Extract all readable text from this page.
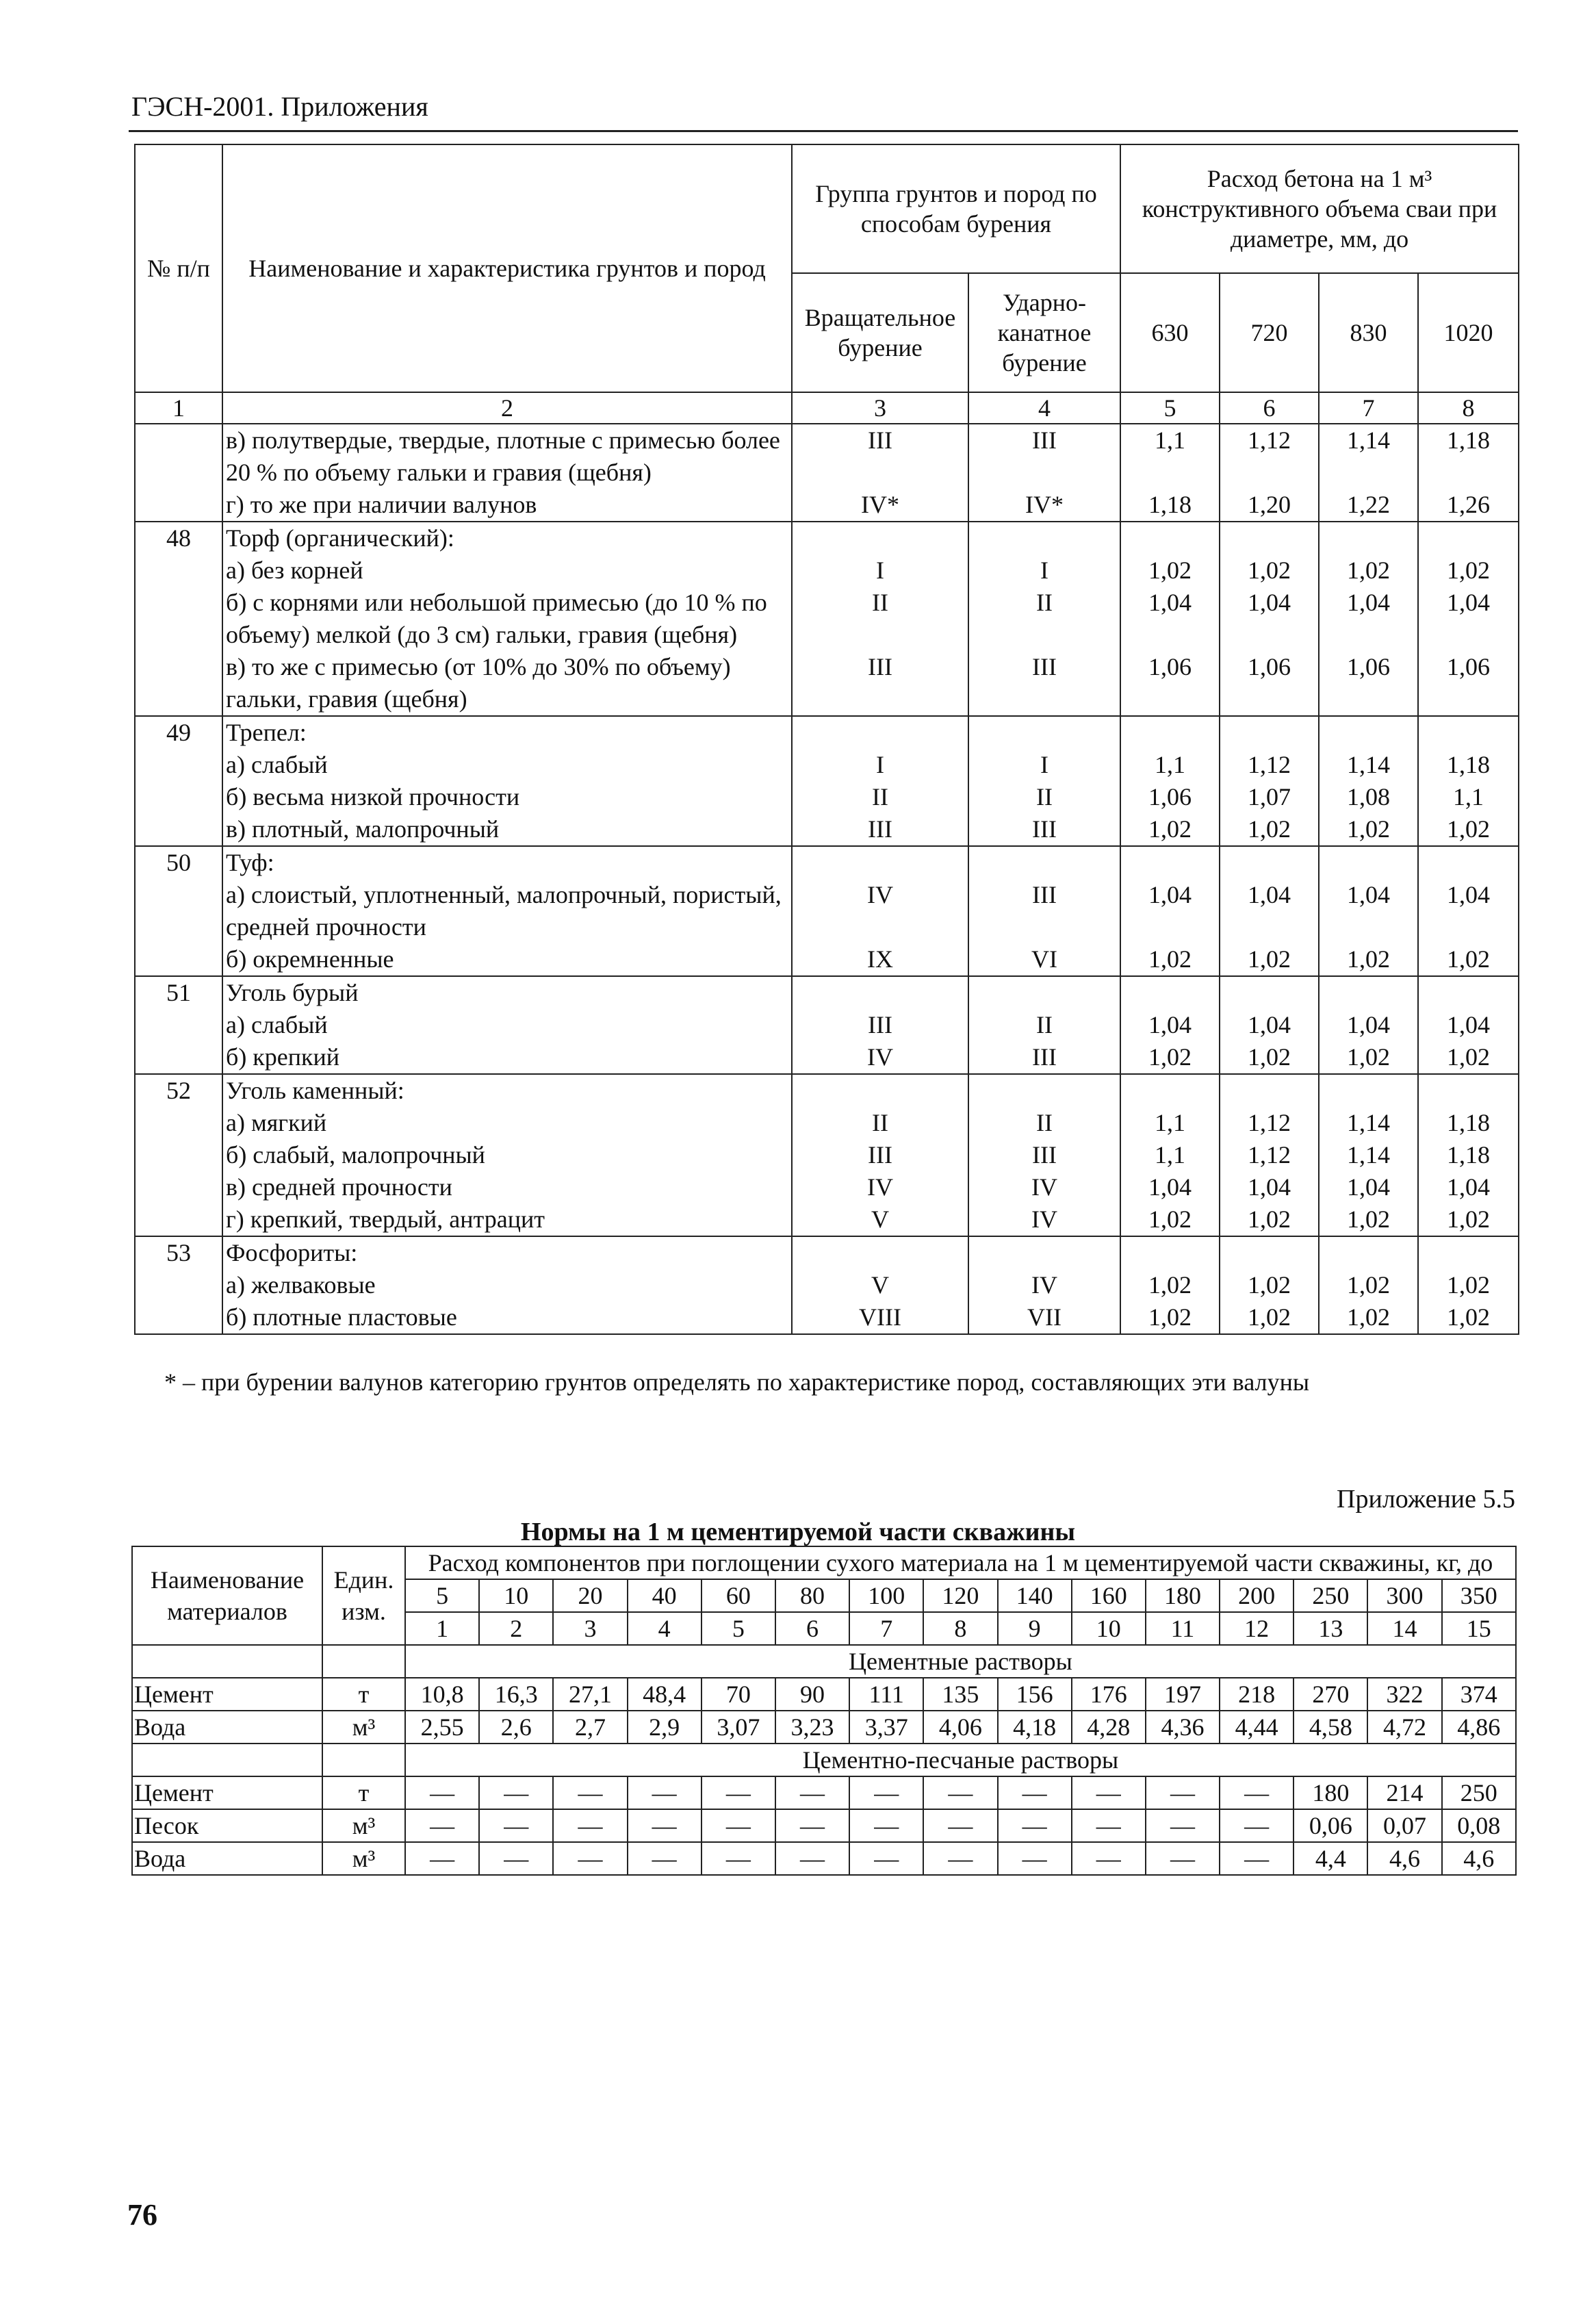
ГЭСН-2001. Приложения
№ п/п	Наименование и характеристика грунтов и пород	Группа грунтов и пород по способам бурения		Расход бетона на 1 м³ конструктивного объема сваи при диаметре, мм, до			
		Вращательное бурение	Ударно-канатное бурение	630	720	830	1020
1	2	3	4	5	6	7	8
	в) полутвердые, твердые, плотные с примесью более 20 % по объему гальки и гравия (щебня)	III	III	1,1	1,12	1,14	1,18
	г) то же при наличии валунов	IV*	IV*	1,18	1,20	1,22	1,26
48	Торф (органический):						
	а) без корней	I	I	1,02	1,02	1,02	1,02
	б) с корнями или небольшой примесью (до 10 % по объему) мелкой (до 3 см) гальки, гравия (щебня)	II	II	1,04	1,04	1,04	1,04
	в) то же с примесью (от 10% до 30% по объему) гальки, гравия (щебня)	III	III	1,06	1,06	1,06	1,06
49	Трепел:						
	а) слабый	I	I	1,1	1,12	1,14	1,18
	б) весьма низкой прочности	II	II	1,06	1,07	1,08	1,1
	в) плотный, малопрочный	III	III	1,02	1,02	1,02	1,02
50	Туф:						
	а) слоистый, уплотненный, малопрочный, пористый, средней прочности	IV	III	1,04	1,04	1,04	1,04
	б) окремненные	IX	VI	1,02	1,02	1,02	1,02
51	Уголь бурый						
	а) слабый	III	II	1,04	1,04	1,04	1,04
	б) крепкий	IV	III	1,02	1,02	1,02	1,02
52	Уголь каменный:						
	а) мягкий	II	II	1,1	1,12	1,14	1,18
	б) слабый, малопрочный	III	III	1,1	1,12	1,14	1,18
	в) средней прочности	IV	IV	1,04	1,04	1,04	1,04
	г) крепкий, твердый, антрацит	V	IV	1,02	1,02	1,02	1,02
53	Фосфориты:						
	а) желваковые	V	IV	1,02	1,02	1,02	1,02
	б) плотные пластовые	VIII	VII	1,02	1,02	1,02	1,02
* – при бурении валунов категорию грунтов определять по характеристике пород, составляющих эти валуны
Приложение 5.5
Нормы на 1 м цементируемой части скважины
Наименование материалов	Един. изм.	Расход компонентов при поглощении сухого материала на 1 м цементируемой части скважины, кг, до														
		5	10	20	40	60	80	100	120	140	160	180	200	250	300	350
		1	2	3	4	5	6	7	8	9	10	11	12	13	14	15
		Цементные растворы														
Цемент	т	10,8	16,3	27,1	48,4	70	90	111	135	156	176	197	218	270	322	374
Вода	м³	2,55	2,6	2,7	2,9	3,07	3,23	3,37	4,06	4,18	4,28	4,36	4,44	4,58	4,72	4,86
		Цементно-песчаные растворы														
Цемент	т	—	—	—	—	—	—	—	—	—	—	—	—	180	214	250
Песок	м³	—	—	—	—	—	—	—	—	—	—	—	—	0,06	0,07	0,08
Вода	м³	—	—	—	—	—	—	—	—	—	—	—	—	4,4	4,6	4,6
76
